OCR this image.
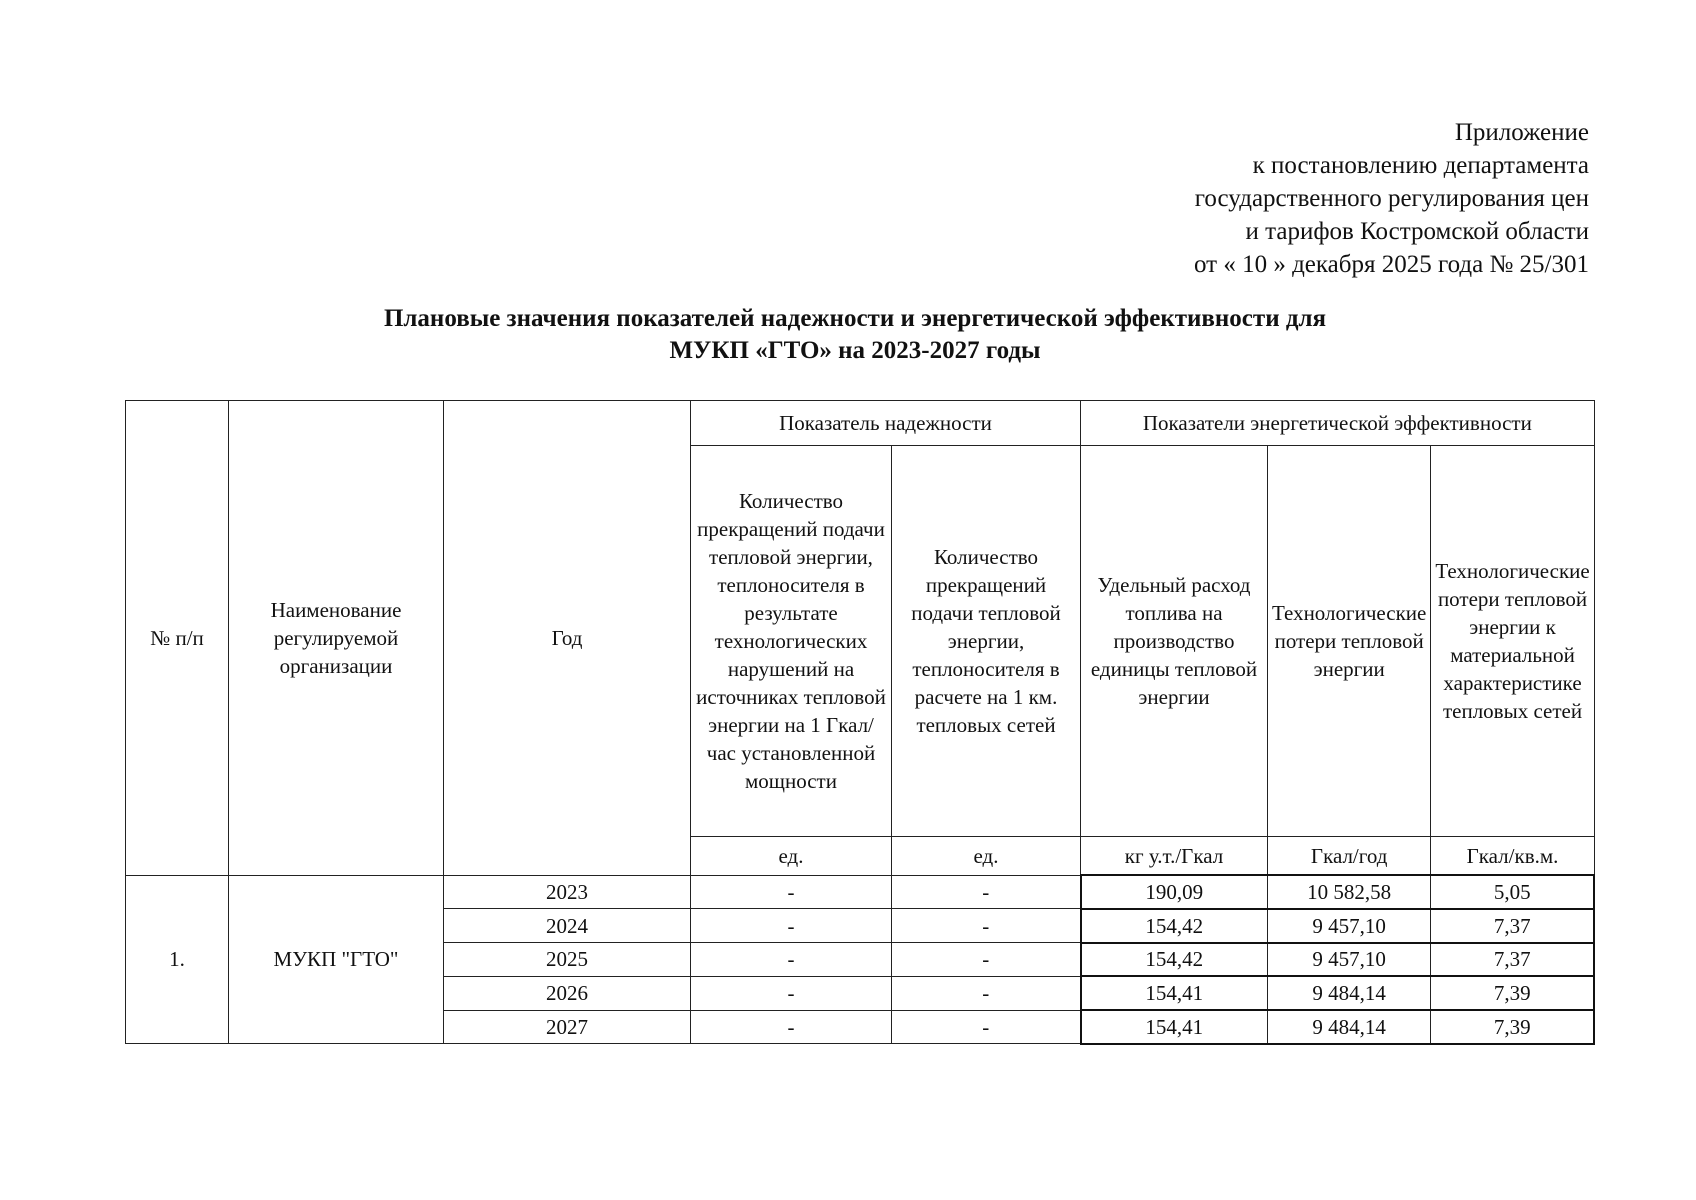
Приложение
к постановлению департамента
государственного регулирования цен
и тарифов Костромской области
от « 10 » декабря 2025 года № 25/301
Плановые значения показателей надежности и энергетической эффективности для
МУКП «ГТО» на 2023-2027 годы
№ п/п	Наименование регулируемой организации	Год	Показатель надежности		Показатели энергетической эффективности		
			Количество прекращений подачи тепловой энергии, теплоносителя в результате технологических нарушений на источниках тепловой энергии на 1 Гкал/час установленной мощности	Количество прекращений подачи тепловой энергии, теплоносителя в расчете на 1 км. тепловых сетей	Удельный расход топлива на производство единицы тепловой энергии	Технологические потери тепловой энергии	Технологические потери тепловой энергии к материальной характеристике тепловых сетей
			ед.	ед.	кг у.т./Гкал	Гкал/год	Гкал/кв.м.
1.	МУКП "ГТО"	2023	-	-	190,09	10 582,58	5,05
		2024	-	-	154,42	9 457,10	7,37
		2025	-	-	154,42	9 457,10	7,37
		2026	-	-	154,41	9 484,14	7,39
		2027	-	-	154,41	9 484,14	7,39
